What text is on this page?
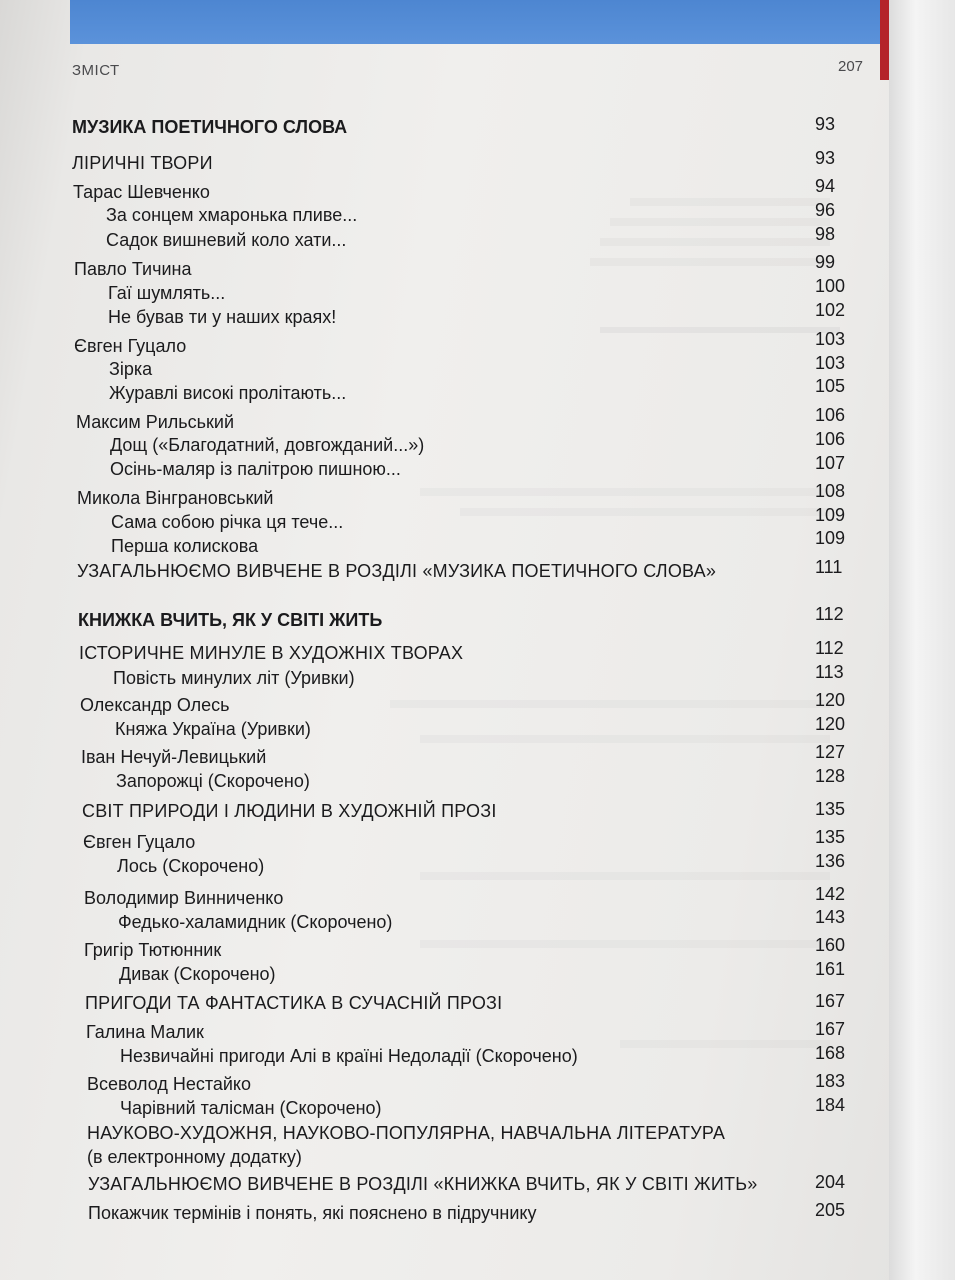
ЗМІСТ	207
МУЗИКА ПОЕТИЧНОГО СЛОВА	93
ЛІРИЧНІ ТВОРИ	93
Тарас Шевченко	94
За сонцем хмаронька пливе...	96
Садок вишневий коло хати...	98
Павло Тичина	99
Гаї шумлять...	100
Не бував ти у наших краях!	102
Євген Гуцало	103
Зірка	103
Журавлі високі пролітають...	105
Максим Рильський	106
Дощ («Благодатний, довгожданий...»)	106
Осінь-маляр із палітрою пишною...	107
Микола Вінграновський	108
Сама собою річка ця тече...	109
Перша колискова	109
УЗАГАЛЬНЮЄМО ВИВЧЕНЕ В РОЗДІЛІ «МУЗИКА ПОЕТИЧНОГО СЛОВА»	111
КНИЖКА ВЧИТЬ, ЯК У СВІТІ ЖИТЬ	112
ІСТОРИЧНЕ МИНУЛЕ В ХУДОЖНІХ ТВОРАХ	112
Повість минулих літ (Уривки)	113
Олександр Олесь	120
Княжа Україна (Уривки)	120
Іван Нечуй-Левицький	127
Запорожці (Скорочено)	128
СВІТ ПРИРОДИ І ЛЮДИНИ В ХУДОЖНІЙ ПРОЗІ	135
Євген Гуцало	135
Лось (Скорочено)	136
Володимир Винниченко	142
Федько-халамидник (Скорочено)	143
Григір Тютюнник	160
Дивак (Скорочено)	161
ПРИГОДИ ТА ФАНТАСТИКА В СУЧАСНІЙ ПРОЗІ	167
Галина Малик	167
Незвичайні пригоди Алі в країні Недоладії (Скорочено)	168
Всеволод Нестайко	183
Чарівний талісман (Скорочено)	184
НАУКОВО-ХУДОЖНЯ, НАУКОВО-ПОПУЛЯРНА, НАВЧАЛЬНА ЛІТЕРАТУРА
(в електронному додатку)
УЗАГАЛЬНЮЄМО ВИВЧЕНЕ В РОЗДІЛІ «КНИЖКА ВЧИТЬ, ЯК У СВІТІ ЖИТЬ»	204
Покажчик термінів і понять, які пояснено в підручнику	205
